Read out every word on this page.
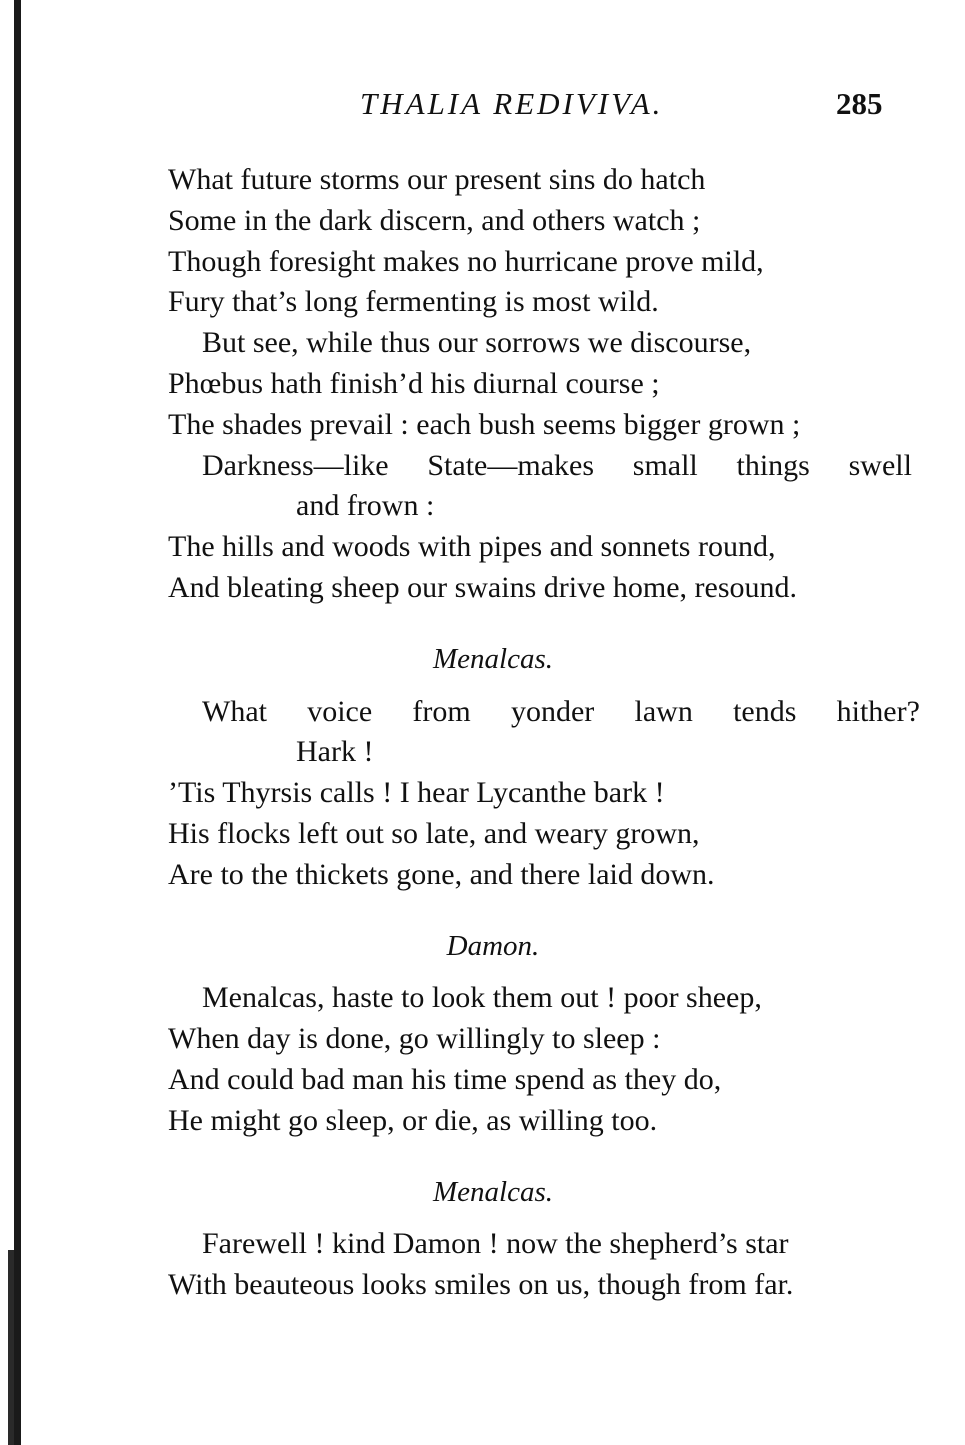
THALIA REDIVIVA.	285
What future storms our present sins do hatch
Some in the dark discern, and others watch ;
Though foresight makes no hurricane prove mild,
Fury that’s long fermenting is most wild.
But see, while thus our sorrows we discourse,
Phœbus hath finish’d his diurnal course ;
The shades prevail : each bush seems bigger grown ;
Darkness—like State—makes small things swell
and frown :
The hills and woods with pipes and sonnets round,
And bleating sheep our swains drive home, resound.
Menalcas.
What voice from yonder lawn tends hither?
Hark !
’Tis Thyrsis calls ! I hear Lycanthe bark !
His flocks left out so late, and weary grown,
Are to the thickets gone, and there laid down.
Damon.
Menalcas, haste to look them out ! poor sheep,
When day is done, go willingly to sleep :
And could bad man his time spend as they do,
He might go sleep, or die, as willing too.
Menalcas.
Farewell ! kind Damon ! now the shepherd’s star
With beauteous looks smiles on us, though from far.
